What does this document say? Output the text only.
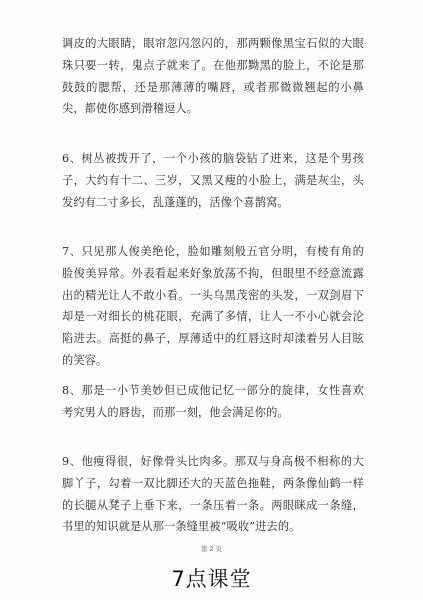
调皮的大眼睛，眼帘忽闪忽闪的，那两颗像黑宝石似的大眼珠只要一转，鬼点子就来了。在他那黝黑的脸上，不论是那鼓鼓的腮帮，还是那薄薄的嘴唇，或者那微微翘起的小鼻尖，都使你感到滑稽逗人。

6、树丛被拨开了，一个小孩的脑袋钻了进来，这是个男孩子，大约有十二、三岁，又黑又瘦的小脸上，满是灰尘，头发约有二寸多长，乱蓬蓬的，活像个喜鹊窝。

7、只见那人俊美绝伦，脸如雕刻般五官分明，有棱有角的脸俊美异常。外表看起来好象放荡不拘，但眼里不经意流露出的精光让人不敢小看。一头乌黑茂密的头发，一双剑眉下却是一对细长的桃花眼，充满了多情，让人一不小心就会沦陷进去。高挺的鼻子，厚薄适中的红唇这时却漾着另人目眩的笑容。

8、那是一小节美妙但已成他记忆一部分的旋律，女性喜欢考究男人的唇齿，而那一刻，他会满足你的。

9、他瘦得很，好像骨头比肉多。那双与身高极不相称的大脚丫子，勾着一双比脚还大的天蓝色拖鞋，两条像仙鹤一样的长腿从凳子上垂下来，一条压着一条。两眼眯成一条缝，书里的知识就是从那一条缝里被“吸收”进去的。

第 2 页
7点课堂
